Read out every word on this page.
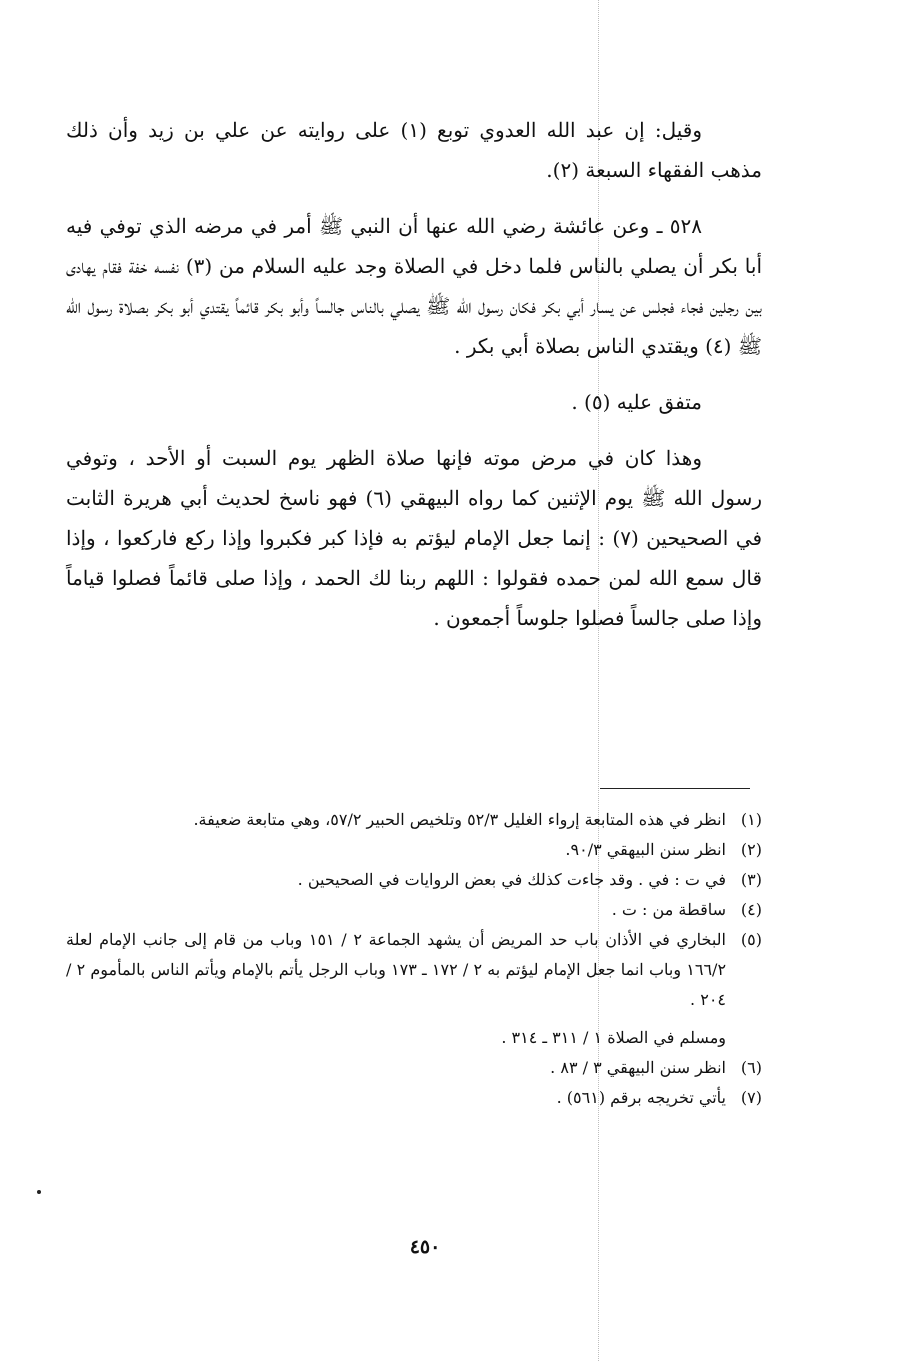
وقيل: إن عبد الله العدوي توبع (١) على روايته عن علي بن زيد وأن ذلك مذهب الفقهاء السبعة (٢).

٥٢٨ ـ وعن عائشة رضي الله عنها أن النبي ﷺ أمر في مرضه الذي توفي فيه أبا بكر أن يصلي بالناس فلما دخل في الصلاة وجد عليه السلام من (٣) نفسه خفة فقام يهادى بين رجلين فجاء فجلس عن يسار أبي بكر فكان رسول الله ﷺ يصلي بالناس جالساً وأبو بكر قائماً يقتدي أبو بكر بصلاة رسول الله ﷺ (٤) ويقتدي الناس بصلاة أبي بكر .

متفق عليه (٥) .

وهذا كان في مرض موته فإنها صلاة الظهر يوم السبت أو الأحد ، وتوفي رسول الله ﷺ يوم الإثنين كما رواه البيهقي (٦) فهو ناسخ لحديث أبي هريرة الثابت في الصحيحين (٧) : إنما جعل الإمام ليؤتم به فإذا كبر فكبروا وإذا ركع فاركعوا ، وإذا قال سمع الله لمن حمده فقولوا : اللهم ربنا لك الحمد ، وإذا صلى قائماً فصلوا قياماً وإذا صلى جالساً فصلوا جلوساً أجمعون .

(١)
انظر في هذه المتابعة إرواء الغليل ٥٢/٣ وتلخيص الحبير ٥٧/٢، وهي متابعة ضعيفة.
(٢)
انظر سنن البيهقي ٩٠/٣.
(٣)
في ت : في . وقد جاءت كذلك في بعض الروايات في الصحيحين .
(٤)
ساقطة من : ت .
(٥)
البخاري في الأذان باب حد المريض أن يشهد الجماعة ٢ / ١٥١ وباب من قام إلى جانب الإمام لعلة ١٦٦/٢ وباب انما جعل الإمام ليؤتم به ٢ / ١٧٢ ـ ١٧٣ وباب الرجل يأتم بالإمام ويأتم الناس بالمأموم ٢ / ٢٠٤ .
ومسلم في الصلاة ١ / ٣١١ ـ ٣١٤ .
(٦)
انظر سنن البيهقي ٣ / ٨٣ .
(٧)
يأتي تخريجه برقم (٥٦١) .
٤٥٠
